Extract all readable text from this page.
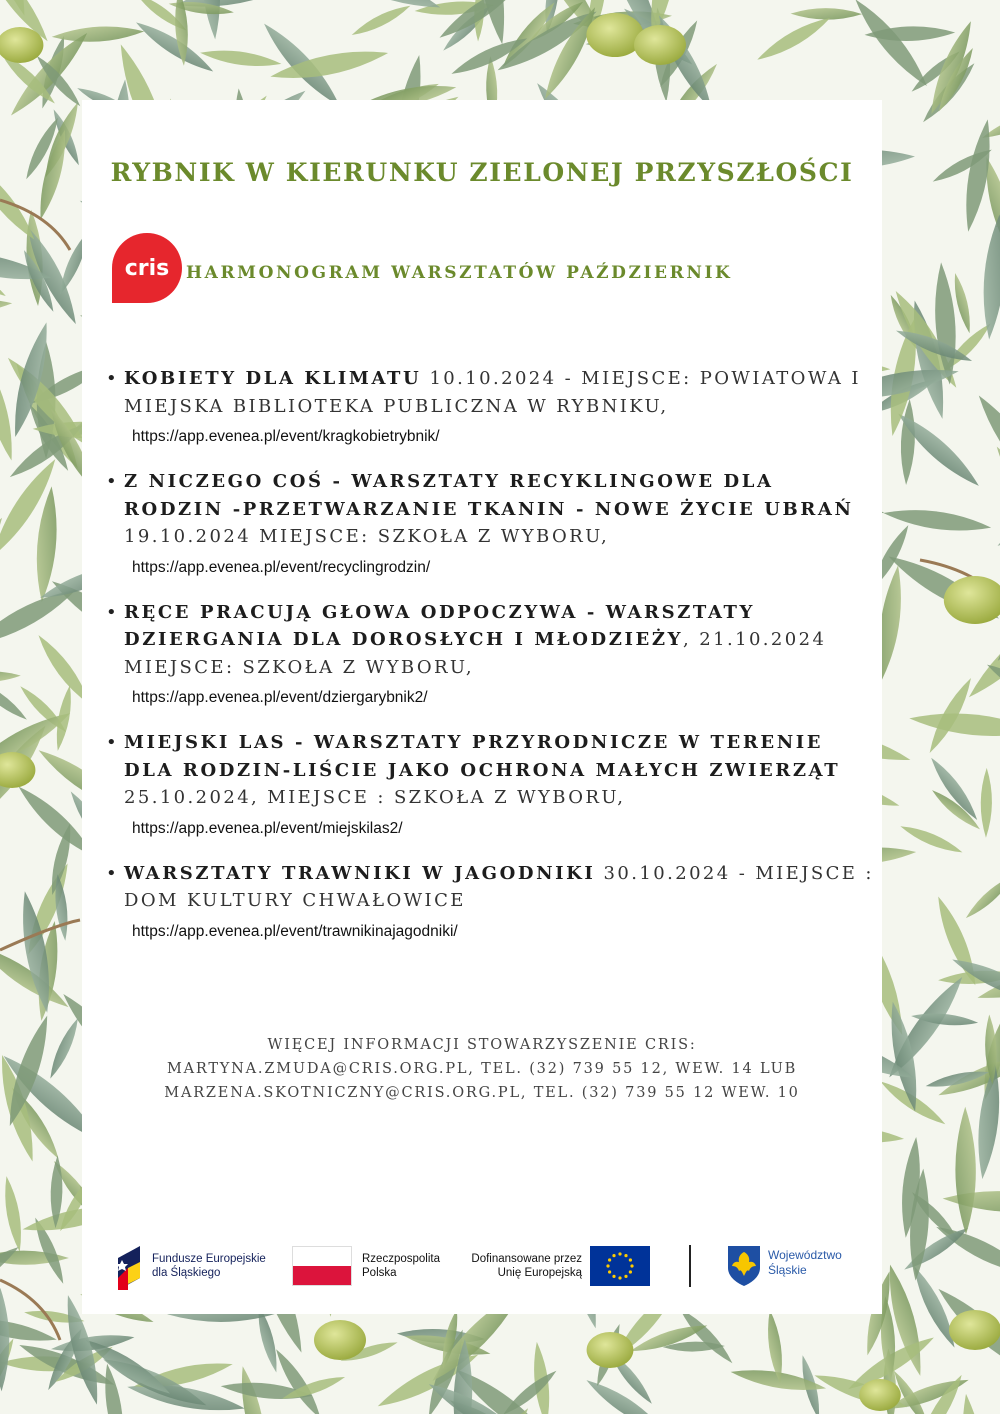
RYBNIK W KIERUNKU ZIELONEJ PRZYSZŁOŚCI
cris HARMONOGRAM WARSZTATÓW PAŹDZIERNIK
• KOBIETY DLA KLIMATU 10.10.2024 - MIEJSCE: POWIATOWA I MIEJSKA BIBLIOTEKA PUBLICZNA W RYBNIKU,
https://app.evenea.pl/event/kragkobietrybnik/
• Z NICZEGO COŚ - WARSZTATY RECYKLINGOWE DLA RODZIN -PRZETWARZANIE TKANIN - NOWE ŻYCIE UBRAŃ 19.10.2024 MIEJSCE: SZKOŁA Z WYBORU,
https://app.evenea.pl/event/recyclingrodzin/
• RĘCE PRACUJĄ GŁOWA ODPOCZYWA - WARSZTATY DZIERGANIA DLA DOROSŁYCH I MŁODZIEŻY, 21.10.2024 MIEJSCE: SZKOŁA Z WYBORU,
https://app.evenea.pl/event/dziergarybnik2/
• MIEJSKI LAS - WARSZTATY PRZYRODNICZE W TERENIE DLA RODZIN-LIŚCIE JAKO OCHRONA MAŁYCH ZWIERZĄT 25.10.2024, MIEJSCE : SZKOŁA Z WYBORU,
https://app.evenea.pl/event/miejskilas2/
• WARSZTATY TRAWNIKI W JAGODNIKI 30.10.2024 - MIEJSCE : DOM KULTURY CHWAŁOWICE
https://app.evenea.pl/event/trawnikinajagodniki/
WIĘCEJ INFORMACJI STOWARZYSZENIE CRIS:
MARTYNA.ZMUDA@CRIS.ORG.PL, TEL. (32) 739 55 12, WEW. 14 LUB
MARZENA.SKOTNICZNY@CRIS.ORG.PL, TEL. (32) 739 55 12 WEW. 10
Fundusze Europejskie
dla Śląskiego
Rzeczpospolita
Polska
Dofinansowane przez
Unię Europejską
Województwo
Śląskie
